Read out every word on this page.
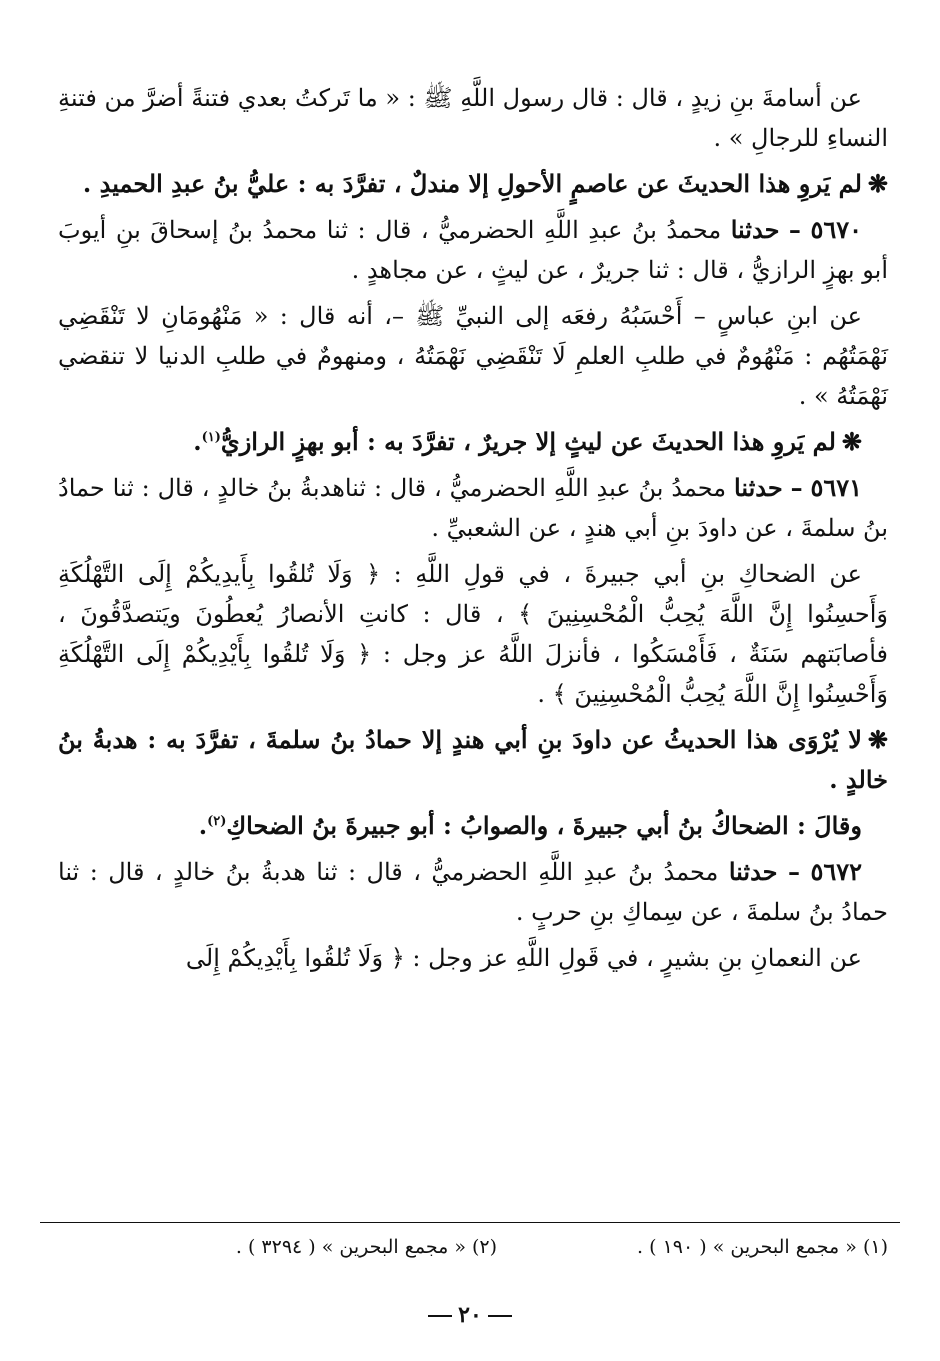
عن أسامةَ بنِ زيدٍ ، قال : قال رسول اللَّهِ ﷺ : « ما تَركتُ بعدي فتنةً أضرَّ من فتنةِ النساءِ للرجالِ » .

❋لم يَروِ هذا الحديثَ عن عاصمٍ الأحولِ إلا مندلٌ ، تفرَّدَ به : عليُّ بنُ عبدِ الحميدِ .

٥٦٧٠ – حدثنا محمدُ بنُ عبدِ اللَّهِ الحضرميُّ ، قال : ثنا محمدُ بنُ إسحاقَ بنِ أيوبَ أبو بهزٍ الرازيُّ ، قال : ثنا جريرٌ ، عن ليثٍ ، عن مجاهدٍ .

عن ابنِ عباسٍ – أَحْسَبُهُ رفعَه إلى النبيِّ ﷺ –، أنه قال : « مَنْهُومَانِ لا تَنْقَضِي نَهْمَتُهُم : مَنْهُومٌ في طلبِ العلمِ لَا تَنْقَضِي نَهْمَتُهُ ، ومنهومٌ في طلبِ الدنيا لا تنقضي نَهْمَتُهُ » .

❋لم يَروِ هذا الحديثَ عن ليثٍ إلا جريرٌ ، تفرَّدَ به : أبو بهزٍ الرازيُّ$^{(١)}$.

٥٦٧١ – حدثنا محمدُ بنُ عبدِ اللَّهِ الحضرميُّ ، قال : ثناهدبةُ بنُ خالدٍ ، قال : ثنا حمادُ بنُ سلمةَ ، عن داودَ بنِ أبي هندٍ ، عن الشعبيِّ .

عن الضحاكِ بنِ أبي جبيرةَ ، في قولِ اللَّهِ : ﴿ وَلَا تُلقُوا بِأَيدِيكُمْ إِلَى التَّهْلُكَةِ وَأَحسِنُوا إِنَّ اللَّهَ يُحِبُّ الْمُحْسِنِينَ ﴾ ، قال : كانتِ الأنصارُ يُعطُونَ ويَتصدَّقُونَ ، فأصابَتهم سَنَةٌ ، فَأَمْسَكُوا ، فأنزلَ اللَّهُ عز وجل : ﴿ وَلَا تُلقُوا بِأَيْدِيكُمْ إِلَى التَّهْلُكَةِ وَأَحْسِنُوا إِنَّ اللَّهَ يُحِبُّ الْمُحْسِنِينَ ﴾ .

❋لا يُرْوَى هذا الحديثُ عن داودَ بنِ أبي هندٍ إلا حمادُ بنُ سلمةَ ، تفرَّدَ به : هدبةُ بنُ خالدٍ .

وقالَ : الضحاكُ بنُ أبي جبيرةَ ، والصوابُ : أبو جبيرةَ بنُ الضحاكِ$^{(٢)}$.

٥٦٧٢ – حدثنا محمدُ بنُ عبدِ اللَّهِ الحضرميُّ ، قال : ثنا هدبةُ بنُ خالدٍ ، قال : ثنا حمادُ بنُ سلمةَ ، عن سِماكِ بنِ حربٍ .

عن النعمانِ بنِ بشيرٍ ، في قَولِ اللَّهِ عز وجل : ﴿ وَلَا تُلقُوا بِأَيْدِيكُمْ إِلَى

(١) « مجمع البحرين » ( ١٩٠ ) .
(٢) « مجمع البحرين » ( ٣٢٩٤ ) .
٢٠
